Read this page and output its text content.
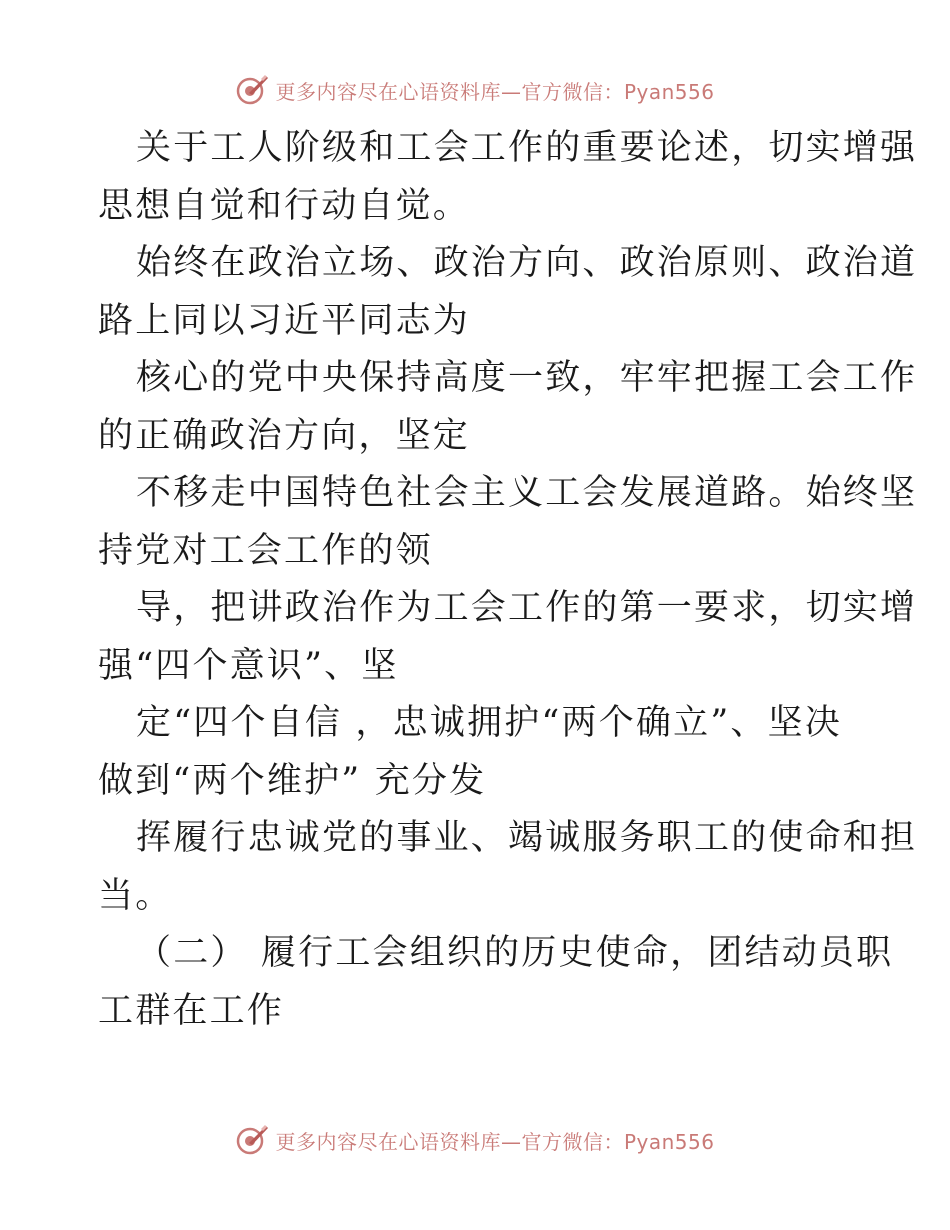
更多内容尽在心语资料库—官方微信：Pyan556
关于工人阶级和工会工作的重要论述，切实增强
思想自觉和行动自觉。
始终在政治立场、政治方向、政治原则、政治道
路上同以习近平同志为
核心的党中央保持高度一致，牢牢把握工会工作
的正确政治方向，坚定
不移走中国特色社会主义工会发展道路。始终坚
持党对工会工作的领
导，把讲政治作为工会工作的第一要求，切实增
强“四个意识”、坚
定“四个自信 ，忠诚拥护“两个确立”、坚决
做到“两个维护” 充分发
挥履行忠诚党的事业、竭诚服务职工的使命和担
当。
（二） 履行工会组织的历史使命，团结动员职
工群在工作
更多内容尽在心语资料库—官方微信：Pyan556
